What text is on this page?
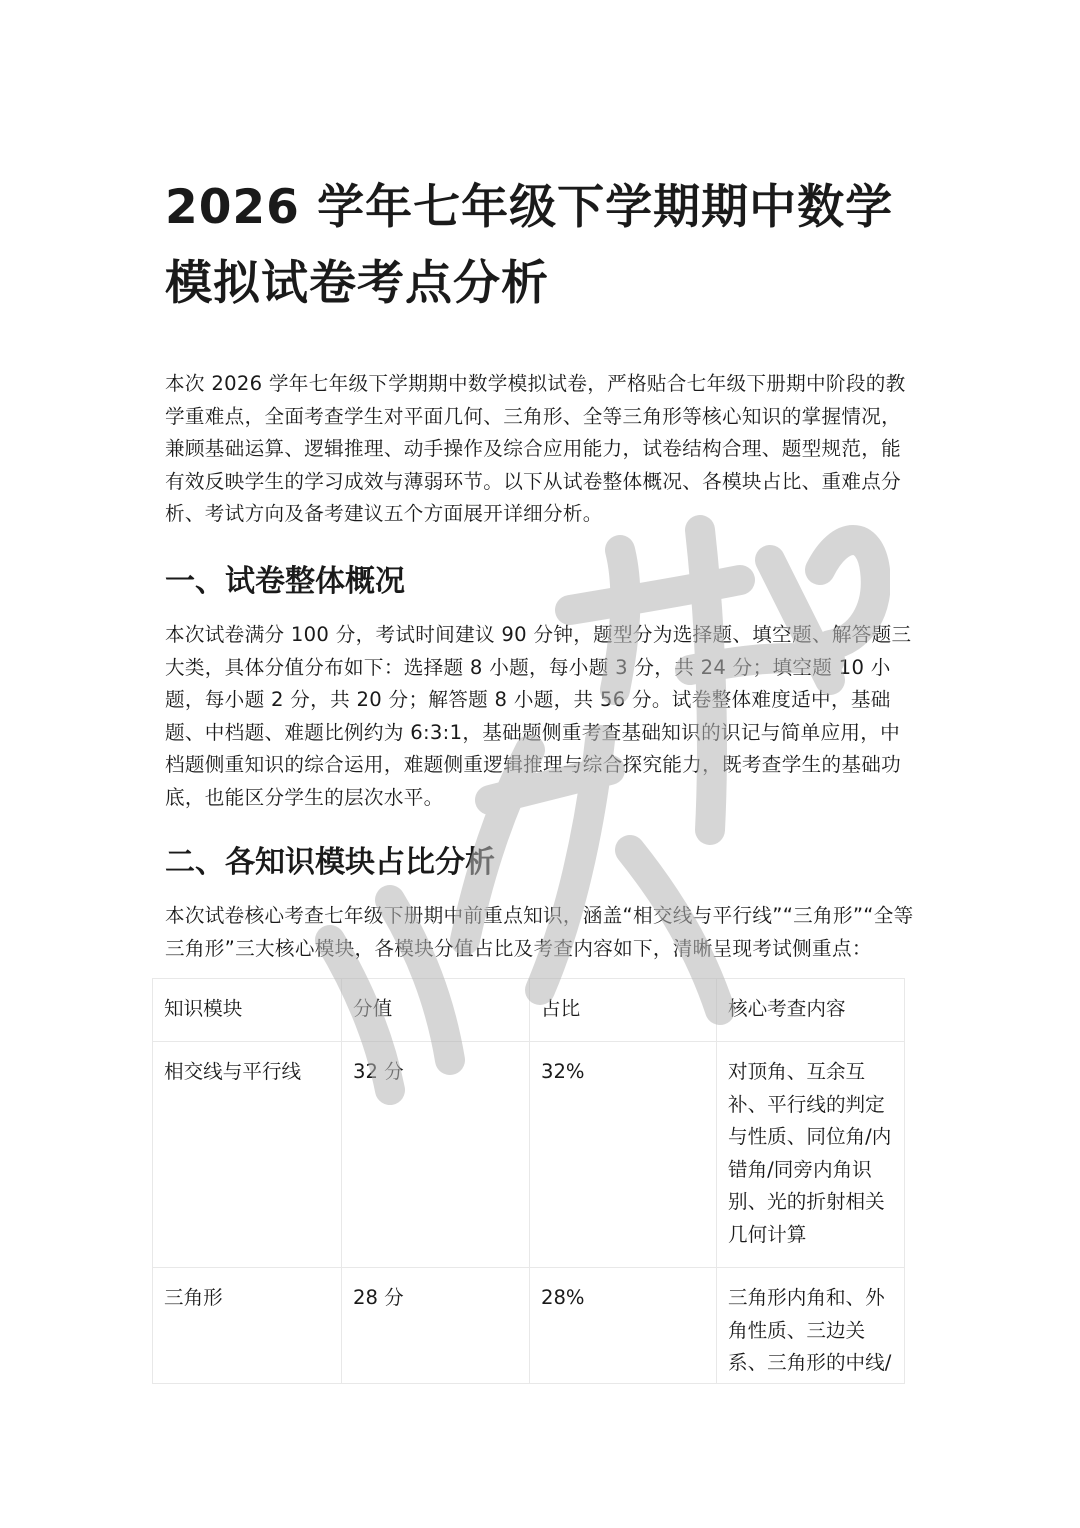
2026 学年七年级下学期期中数学模拟试卷考点分析

本次 2026 学年七年级下学期期中数学模拟试卷，严格贴合七年级下册期中阶段的教学重难点，全面考查学生对平面几何、三角形、全等三角形等核心知识的掌握情况，兼顾基础运算、逻辑推理、动手操作及综合应用能力，试卷结构合理、题型规范，能有效反映学生的学习成效与薄弱环节。以下从试卷整体概况、各模块占比、重难点分析、考试方向及备考建议五个方面展开详细分析。

一、试卷整体概况

本次试卷满分 100 分，考试时间建议 90 分钟，题型分为选择题、填空题、解答题三大类，具体分值分布如下：选择题 8 小题，每小题 3 分，共 24 分；填空题 10 小题，每小题 2 分，共 20 分；解答题 8 小题，共 56 分。试卷整体难度适中，基础题、中档题、难题比例约为 6:3:1，基础题侧重考查基础知识的识记与简单应用，中档题侧重知识的综合运用，难题侧重逻辑推理与综合探究能力，既考查学生的基础功底，也能区分学生的层次水平。

二、各知识模块占比分析

本次试卷核心考查七年级下册期中前重点知识，涵盖“相交线与平行线”“三角形”“全等三角形”三大核心模块，各模块分值占比及考查内容如下，清晰呈现考试侧重点：

知识模块	分值	占比	核心考查内容
相交线与平行线	32 分	32%	对顶角、互余互补、平行线的判定与性质、同位角/内错角/同旁内角识别、光的折射相关几何计算
三角形	28 分	28%	三角形内角和、外角性质、三边关系、三角形的中线/
